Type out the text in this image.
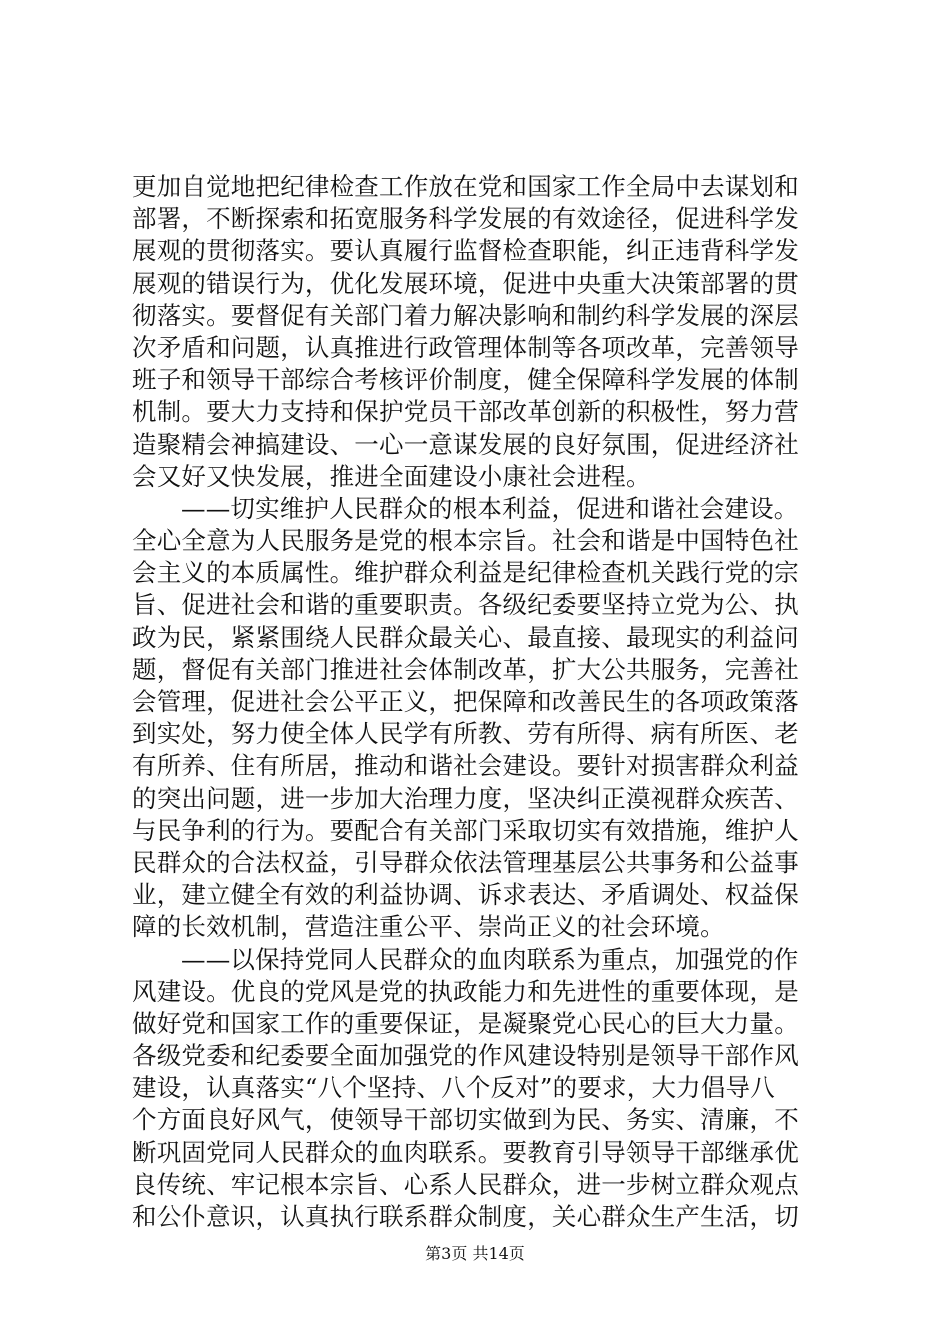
更加自觉地把纪律检查工作放在党和国家工作全局中去谋划和
部署，不断探索和拓宽服务科学发展的有效途径，促进科学发
展观的贯彻落实。要认真履行监督检查职能，纠正违背科学发
展观的错误行为，优化发展环境，促进中央重大决策部署的贯
彻落实。要督促有关部门着力解决影响和制约科学发展的深层
次矛盾和问题，认真推进行政管理体制等各项改革，完善领导
班子和领导干部综合考核评价制度，健全保障科学发展的体制
机制。要大力支持和保护党员干部改革创新的积极性，努力营
造聚精会神搞建设、一心一意谋发展的良好氛围，促进经济社
会又好又快发展，推进全面建设小康社会进程。
——切实维护人民群众的根本利益，促进和谐社会建设。
全心全意为人民服务是党的根本宗旨。社会和谐是中国特色社
会主义的本质属性。维护群众利益是纪律检查机关践行党的宗
旨、促进社会和谐的重要职责。各级纪委要坚持立党为公、执
政为民，紧紧围绕人民群众最关心、最直接、最现实的利益问
题，督促有关部门推进社会体制改革，扩大公共服务，完善社
会管理，促进社会公平正义，把保障和改善民生的各项政策落
到实处，努力使全体人民学有所教、劳有所得、病有所医、老
有所养、住有所居，推动和谐社会建设。要针对损害群众利益
的突出问题，进一步加大治理力度，坚决纠正漠视群众疾苦、
与民争利的行为。要配合有关部门采取切实有效措施，维护人
民群众的合法权益，引导群众依法管理基层公共事务和公益事
业，建立健全有效的利益协调、诉求表达、矛盾调处、权益保
障的长效机制，营造注重公平、崇尚正义的社会环境。
——以保持党同人民群众的血肉联系为重点，加强党的作
风建设。优良的党风是党的执政能力和先进性的重要体现，是
做好党和国家工作的重要保证，是凝聚党心民心的巨大力量。
各级党委和纪委要全面加强党的作风建设特别是领导干部作风
建设，认真落实“八个坚持、八个反对”的要求，大力倡导八
个方面良好风气，使领导干部切实做到为民、务实、清廉，不
断巩固党同人民群众的血肉联系。要教育引导领导干部继承优
良传统、牢记根本宗旨、心系人民群众，进一步树立群众观点
和公仆意识，认真执行联系群众制度，关心群众生产生活，切
第3页 共14页
